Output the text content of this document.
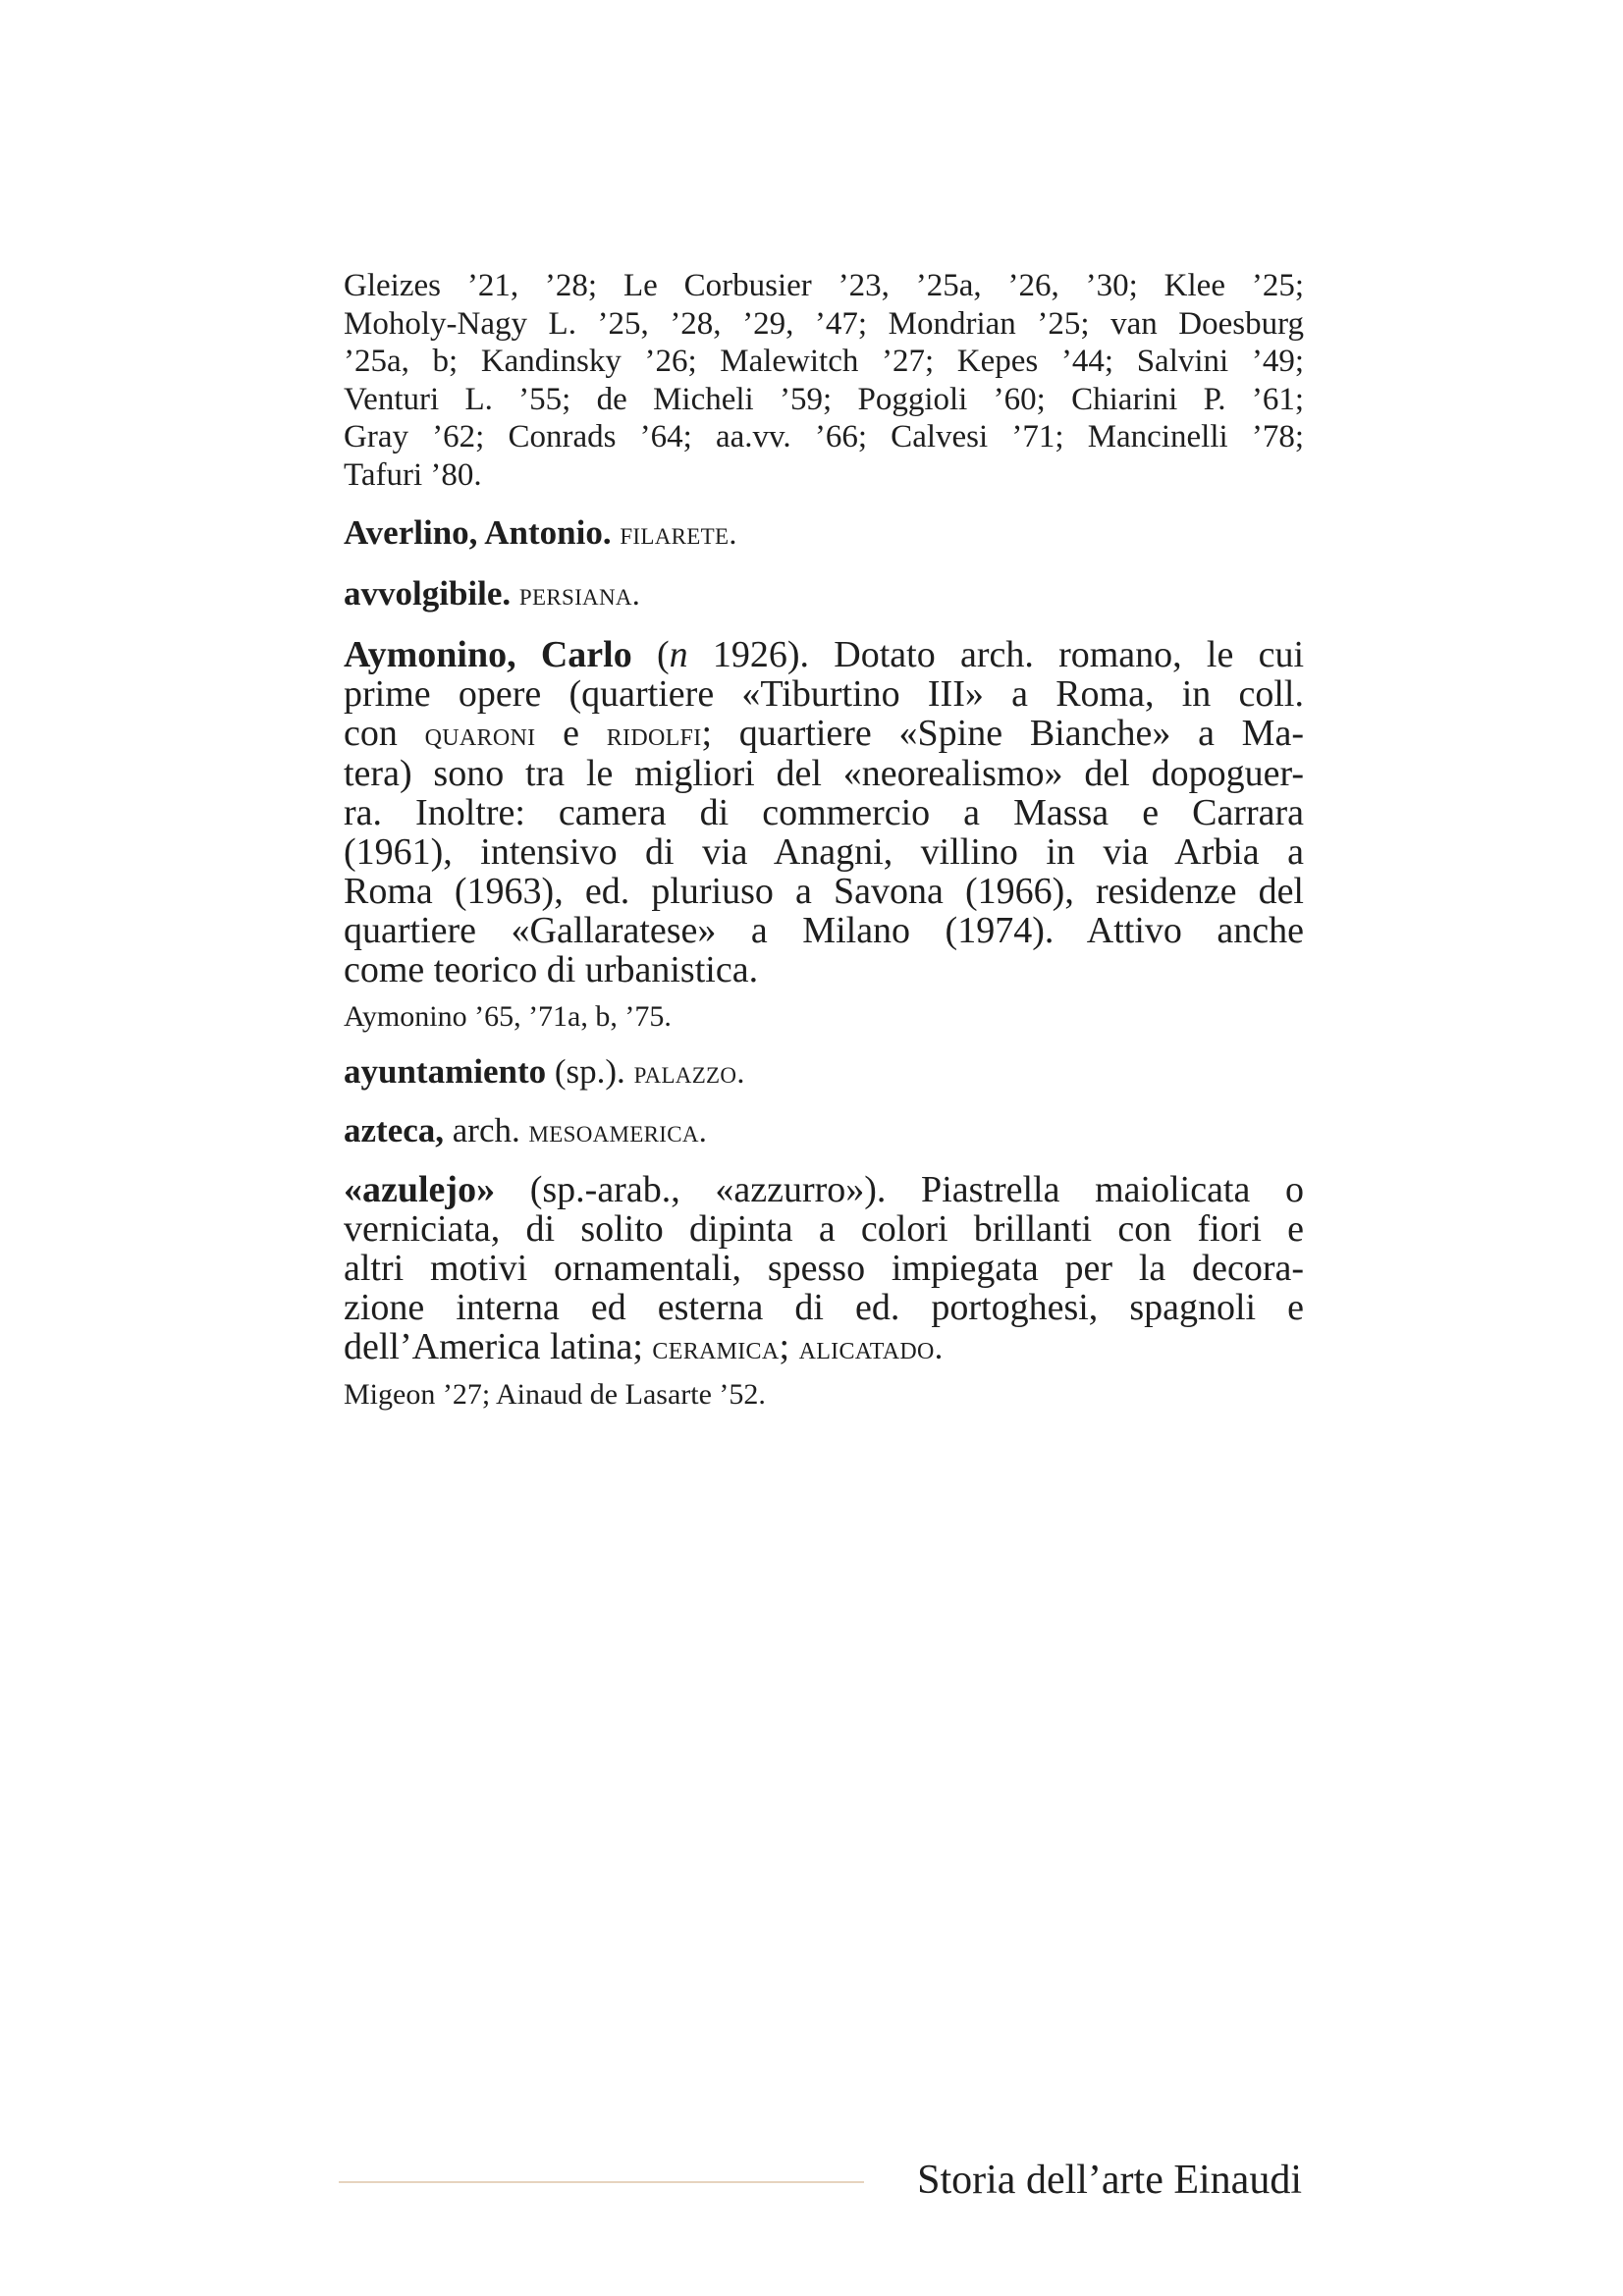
Gleizes ’21, ’28; Le Corbusier ’23, ’25a, ’26, ’30; Klee ’25;

Moholy-Nagy L. ’25, ’28, ’29, ’47; Mondrian ’25; van Doesburg

’25a, b; Kandinsky ’26; Malewitch ’27; Kepes ’44; Salvini ’49;

Venturi L. ’55; de Micheli ’59; Poggioli ’60; Chiarini P. ’61;

Gray ’62; Conrads ’64; aa.vv. ’66; Calvesi ’71; Mancinelli ’78;

Tafuri ’80.

Averlino, Antonio. filarete.

avvolgibile. persiana.

Aymonino, Carlo (n 1926). Dotato arch. romano, le cui

prime opere (quartiere «Tiburtino III» a Roma, in coll.

con quaroni e ridolfi; quartiere «Spine Bianche» a Ma-

tera) sono tra le migliori del «neorealismo» del dopoguer-

ra. Inoltre: camera di commercio a Massa e Carrara

(1961), intensivo di via Anagni, villino in via Arbia a

Roma (1963), ed. pluriuso a Savona (1966), residenze del

quartiere «Gallaratese» a Milano (1974). Attivo anche

come teorico di urbanistica.

Aymonino ’65, ’71a, b, ’75.

ayuntamiento (sp.). palazzo.

azteca, arch. mesoamerica.

«azulejo» (sp.-arab., «azzurro»). Piastrella maiolicata o

verniciata, di solito dipinta a colori brillanti con fiori e

altri motivi ornamentali, spesso impiegata per la decora-

zione interna ed esterna di ed. portoghesi, spagnoli e

dell’America latina; ceramica; alicatado.

Migeon ’27; Ainaud de Lasarte ’52.

Storia dell’arte Einaudi
